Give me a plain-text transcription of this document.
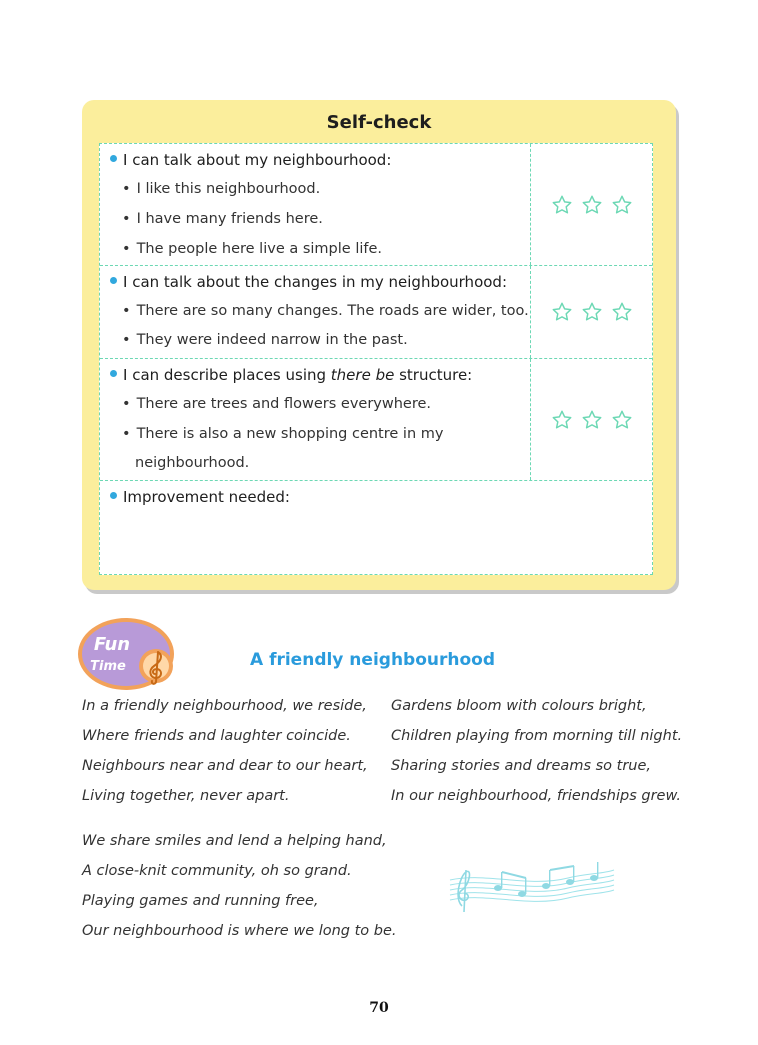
Self-check
I can talk about my neighbourhood:
• I like this neighbourhood.
• I have many friends here.
• The people here live a simple life.
I can talk about the changes in my neighbourhood:
• There are so many changes. The roads are wider, too.
• They were indeed narrow in the past.
I can describe places using there be structure:
• There are trees and flowers everywhere.
• There is also a new shopping centre in my
neighbourhood.
Improvement needed:
Fun
Time	A friendly neighbourhood
In a friendly neighbourhood, we reside,
Where friends and laughter coincide.
Neighbours near and dear to our heart,
Living together, never apart.
Gardens bloom with colours bright,
Children playing from morning till night.
Sharing stories and dreams so true,
In our neighbourhood, friendships grew.
We share smiles and lend a helping hand,
A close-knit community, oh so grand.
Playing games and running free,
Our neighbourhood is where we long to be.
70
